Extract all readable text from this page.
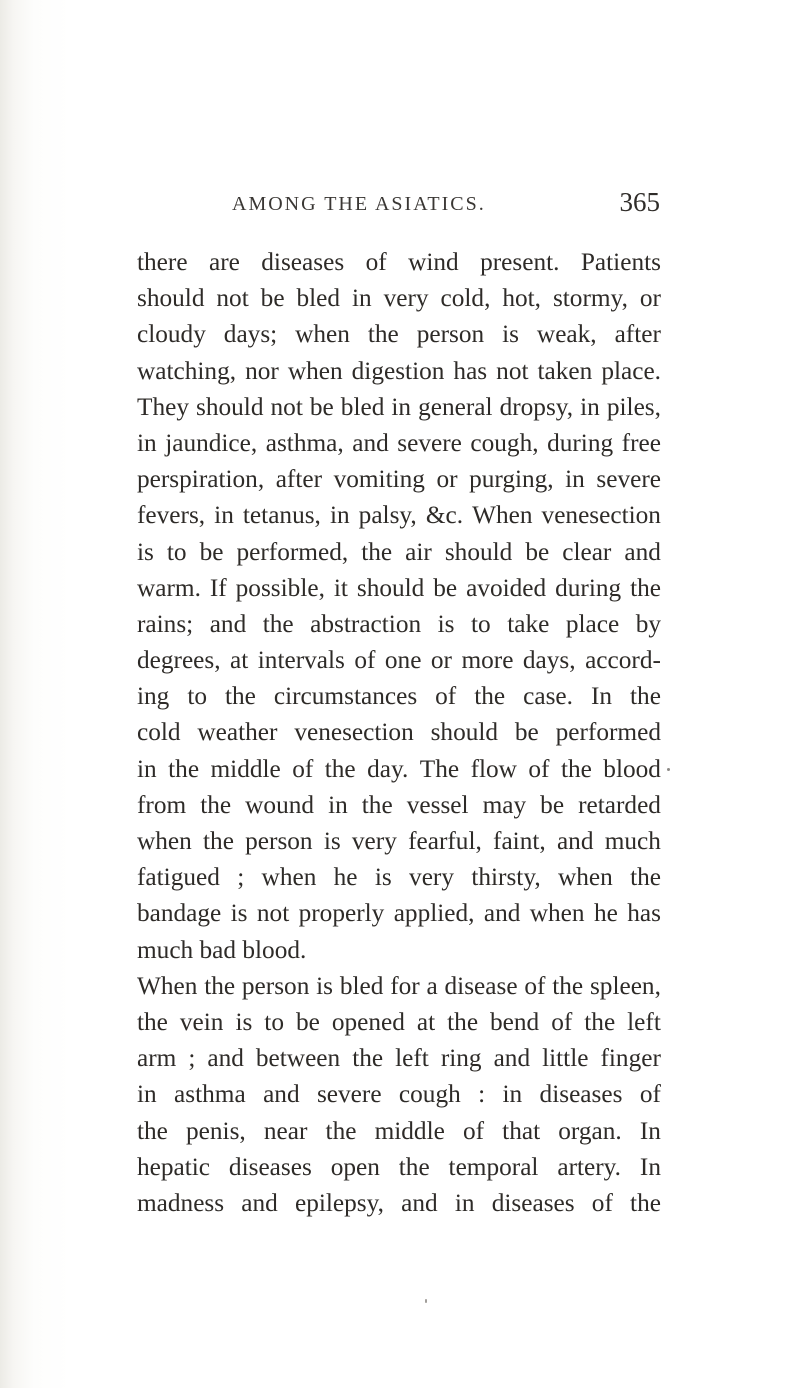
AMONG THE ASIATICS.	365
there are diseases of wind present. Patients
should not be bled in very cold, hot, stormy, or
cloudy days; when the person is weak, after
watching, nor when digestion has not taken place.
They should not be bled in general dropsy, in piles,
in jaundice, asthma, and severe cough, during free
perspiration, after vomiting or purging, in severe
fevers, in tetanus, in palsy, &c. When venesection
is to be performed, the air should be clear and
warm. If possible, it should be avoided during the
rains; and the abstraction is to take place by
degrees, at intervals of one or more days, accord-
ing to the circumstances of the case. In the
cold weather venesection should be performed
in the middle of the day. The flow of the blood
from the wound in the vessel may be retarded
when the person is very fearful, faint, and much
fatigued ; when he is very thirsty, when the
bandage is not properly applied, and when he has
much bad blood.
When the person is bled for a disease of the spleen,
the vein is to be opened at the bend of the left
arm ; and between the left ring and little finger
in asthma and severe cough : in diseases of
the penis, near the middle of that organ. In
hepatic diseases open the temporal artery. In
madness and epilepsy, and in diseases of the
